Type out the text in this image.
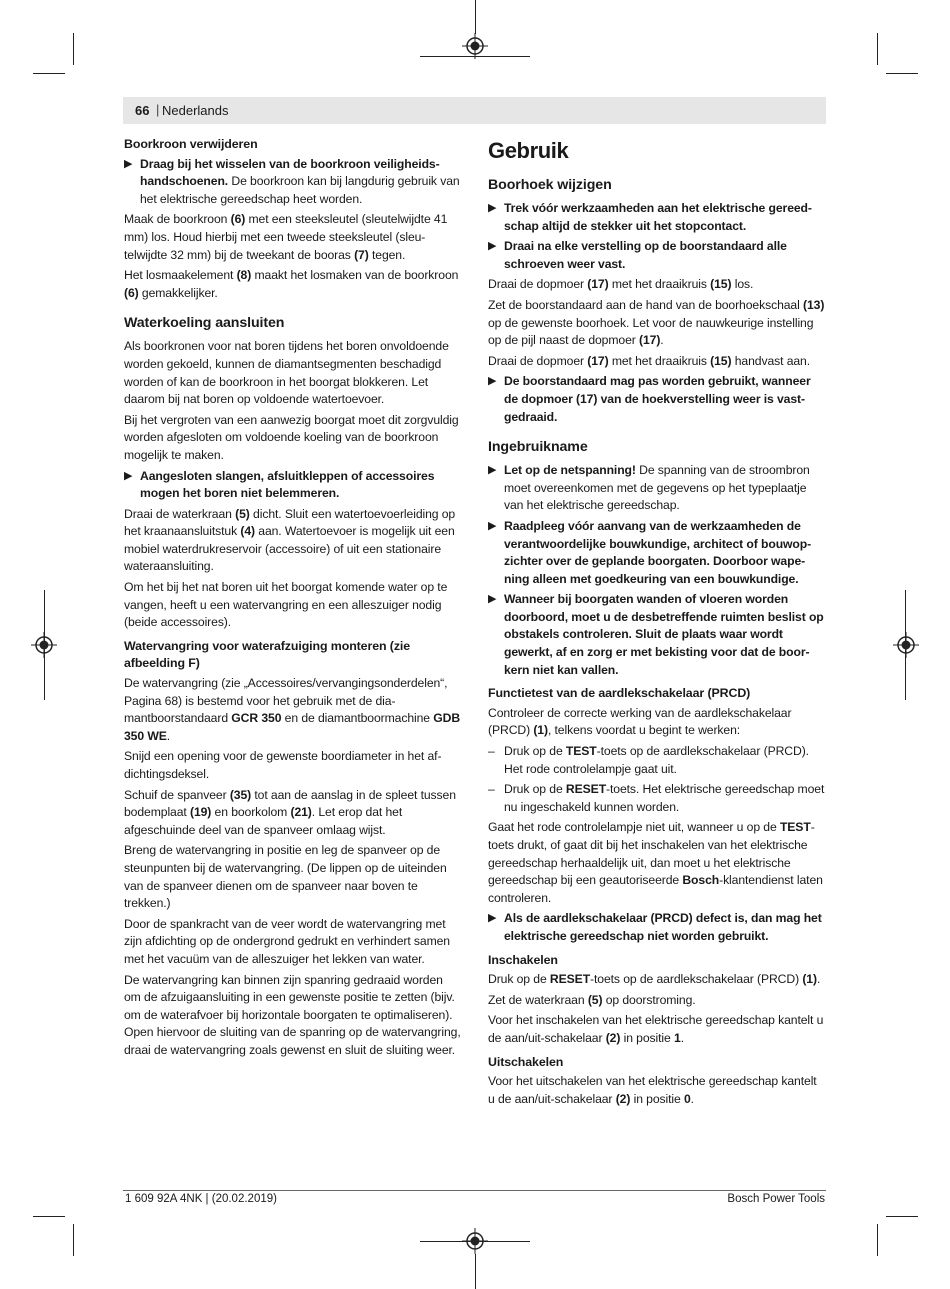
66 | Nederlands
Boorkroon verwijderen
▶ Draag bij het wisselen van de boorkroon veiligheidshandschoenen. De boorkroon kan bij langdurig gebruik van het elektrische gereedschap heet worden.

Maak de boorkroon (6) met een steeksleutel (sleutelwijdte 41 mm) los. Houd hierbij met een tweede steeksleutel (sleutelwijdte 32 mm) bij de tweekant de booras (7) tegen.

Het losmaakelement (8) maakt het losmaken van de boorkroon (6) gemakkelijker.

Waterkoeling aansluiten

Als boorkronen voor nat boren tijdens het boren onvoldoende worden gekoeld, kunnen de diamantsegmenten beschadigd worden of kan de boorkroon in het boorgat blokkeren. Let daarom bij nat boren op voldoende watertoevoer.

Bij het vergroten van een aanwezig boorgat moet dit zorgvuldig worden afgesloten om voldoende koeling van de boorkroon mogelijk te maken.

▶ Aangesloten slangen, afsluitkleppen of accessoires mogen het boren niet belemmeren.

Draai de waterkraan (5) dicht. Sluit een watertoevoerleiding op het kraanaansluitstuk (4) aan. Watertoevoer is mogelijk uit een mobiel waterdrukreservoir (accessoire) of uit een stationaire wateraansluiting.

Om het bij het nat boren uit het boorgat komende water op te vangen, heeft u een watervangring en een alleszuiger nodig (beide accessoires).

Watervangring voor waterafzuiging monteren (zie afbeelding F)

De watervangring (zie „Accessoires/vervangingsonderdelen“, Pagina 68) is bestemd voor het gebruik met de diamantboorstandaard GCR 350 en de diamantboormachine GDB 350 WE.

Snijd een opening voor de gewenste boordiameter in het afdichtingsdeksel.

Schuif de spanveer (35) tot aan de aanslag in de spleet tussen bodemplaat (19) en boorkolom (21). Let erop dat het afgeschuinde deel van de spanveer omlaag wijst.

Breng de watervangring in positie en leg de spanveer op de steunpunten bij de watervangring. (De lippen op de uiteinden van de spanveer dienen om de spanveer naar boven te trekken.)

Door de spankracht van de veer wordt de watervangring met zijn afdichting op de ondergrond gedrukt en verhindert samen met het vacuüm van de alleszuiger het lekken van water.

De watervangring kan binnen zijn spanring gedraaid worden om de afzuigaansluiting in een gewenste positie te zetten (bijv. om de waterafvoer bij horizontale boorgaten te optimaliseren). Open hiervoor de sluiting van de spanring op de watervangring, draai de watervangring zoals gewenst en sluit de sluiting weer.

Gebruik
Boorhoek wijzigen
▶ Trek vóór werkzaamheden aan het elektrische gereedschap altijd de stekker uit het stopcontact.
▶ Draai na elke verstelling op de boorstandaard alle schroeven weer vast.

Draai de dopmoer (17) met het draaikruis (15) los.

Zet de boorstandaard aan de hand van de boorhoekschaal (13) op de gewenste boorhoek. Let voor de nauwkeurige instelling op de pijl naast de dopmoer (17).

Draai de dopmoer (17) met het draaikruis (15) handvast aan.

▶ De boorstandaard mag pas worden gebruikt, wanneer de dopmoer (17) van de hoekverstelling weer is vastgedraaid.
Ingebruikname
▶ Let op de netspanning! De spanning van de stroombron moet overeenkomen met de gegevens op het typeplaatje van het elektrische gereedschap.
▶ Raadpleeg vóór aanvang van de werkzaamheden de verantwoordelijke bouwkundige, architect of bouwopzichter over de geplande boorgaten. Doorboor wapening alleen met goedkeuring van een bouwkundige.
▶ Wanneer bij boorgaten wanden of vloeren worden doorboord, moet u de desbetreffende ruimten beslist op obstakels controleren. Sluit de plaats waar wordt gewerkt, af en zorg er met bekisting voor dat de boorkern niet kan vallen.
Functietest van de aardlekschakelaar (PRCD)

Controleer de correcte werking van de aardlekschakelaar (PRCD) (1), telkens voordat u begint te werken:

– Druk op de TEST-toets op de aardlekschakelaar (PRCD). Het rode controlelampje gaat uit.
– Druk op de RESET-toets. Het elektrische gereedschap moet nu ingeschakeld kunnen worden.

Gaat het rode controlelampje niet uit, wanneer u op de TEST-toets drukt, of gaat dit bij het inschakelen van het elektrische gereedschap herhaaldelijk uit, dan moet u het elektrische gereedschap bij een geautoriseerde Bosch-klantendienst laten controleren.

▶ Als de aardlekschakelaar (PRCD) defect is, dan mag het elektrische gereedschap niet worden gebruikt.
Inschakelen

Druk op de RESET-toets op de aardlekschakelaar (PRCD) (1).

Zet de waterkraan (5) op doorstroming.

Voor het inschakelen van het elektrische gereedschap kantelt u de aan/uit-schakelaar (2) in positie 1.

Uitschakelen

Voor het uitschakelen van het elektrische gereedschap kantelt u de aan/uit-schakelaar (2) in positie 0.

1 609 92A 4NK | (20.02.2019)	Bosch Power Tools
